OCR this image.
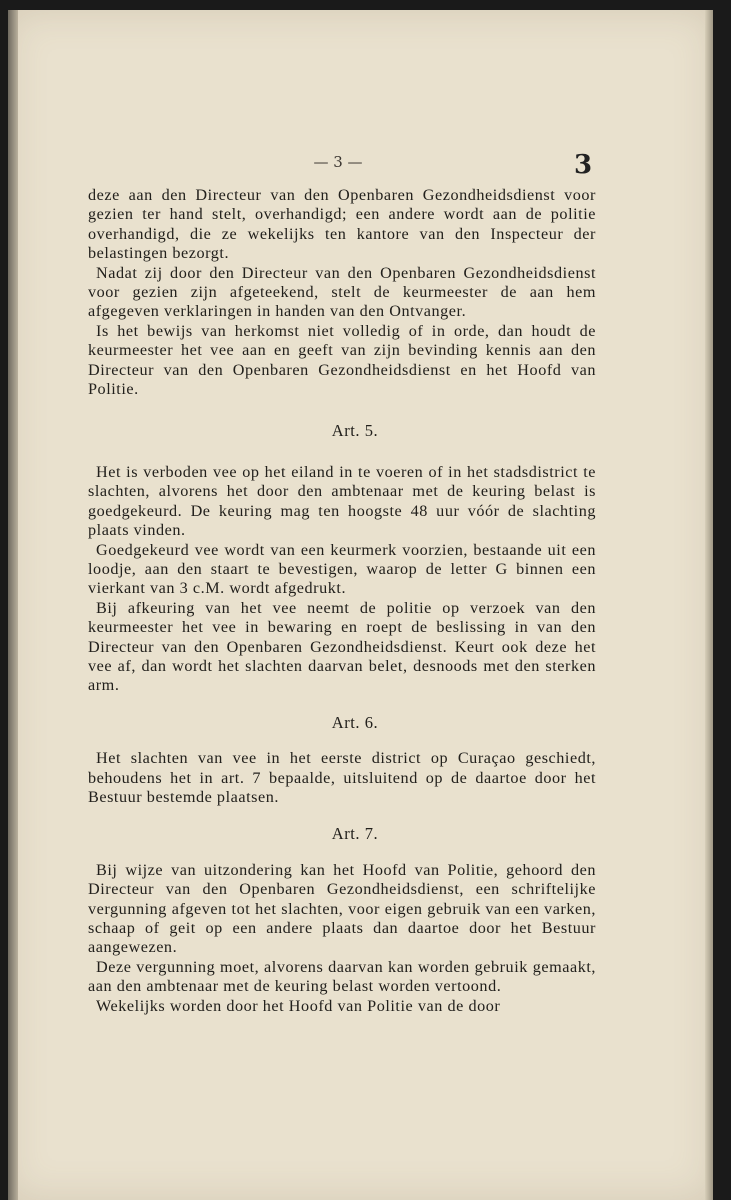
— 3 —	3

deze aan den Directeur van den Openbaren Gezondheidsdienst voor gezien ter hand stelt, overhandigd; een andere wordt aan de politie overhandigd, die ze wekelijks ten kantore van den Inspecteur der belastingen bezorgt.

Nadat zij door den Directeur van den Openbaren Gezondheidsdienst voor gezien zijn afgeteekend, stelt de keurmeester de aan hem afgegeven verklaringen in handen van den Ontvanger.

Is het bewijs van herkomst niet volledig of in orde, dan houdt de keurmeester het vee aan en geeft van zijn bevinding kennis aan den Directeur van den Openbaren Gezondheidsdienst en het Hoofd van Politie.

Art. 5.

Het is verboden vee op het eiland in te voeren of in het stadsdistrict te slachten, alvorens het door den ambtenaar met de keuring belast is goedgekeurd. De keuring mag ten hoogste 48 uur vóór de slachting plaats vinden.

Goedgekeurd vee wordt van een keurmerk voorzien, bestaande uit een loodje, aan den staart te bevestigen, waarop de letter G binnen een vierkant van 3 c.M. wordt afgedrukt.

Bij afkeuring van het vee neemt de politie op verzoek van den keurmeester het vee in bewaring en roept de beslissing in van den Directeur van den Openbaren Gezondheidsdienst. Keurt ook deze het vee af, dan wordt het slachten daarvan belet, desnoods met den sterken arm.

Art. 6.

Het slachten van vee in het eerste district op Curaçao geschiedt, behoudens het in art. 7 bepaalde, uitsluitend op de daartoe door het Bestuur bestemde plaatsen.

Art. 7.

Bij wijze van uitzondering kan het Hoofd van Politie, gehoord den Directeur van den Openbaren Gezondheidsdienst, een schriftelijke vergunning afgeven tot het slachten, voor eigen gebruik van een varken, schaap of geit op een andere plaats dan daartoe door het Bestuur aangewezen.

Deze vergunning moet, alvorens daarvan kan worden gebruik gemaakt, aan den ambtenaar met de keuring belast worden vertoond.

Wekelijks worden door het Hoofd van Politie van de door
